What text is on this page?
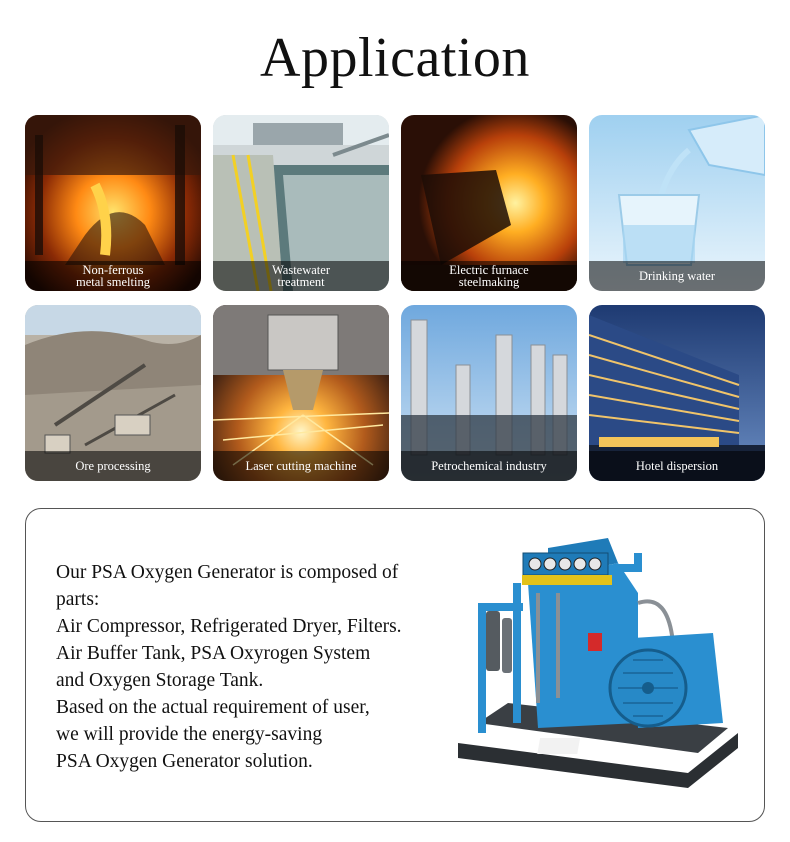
Application
Non-ferrous
metal smelting
Wastewater
treatment
Electric furnace
steelmaking	Drinking water
Ore processing	Laser cutting machine	Petrochemical industry	Hotel dispersion
Our PSA Oxygen Generator is composed of
parts:
Air Compressor, Refrigerated Dryer, Filters.
Air Buffer Tank, PSA Oxyrogen System
and Oxygen Storage Tank.
Based on the actual requirement of user,
we will provide the energy-saving
PSA Oxygen Generator solution.
